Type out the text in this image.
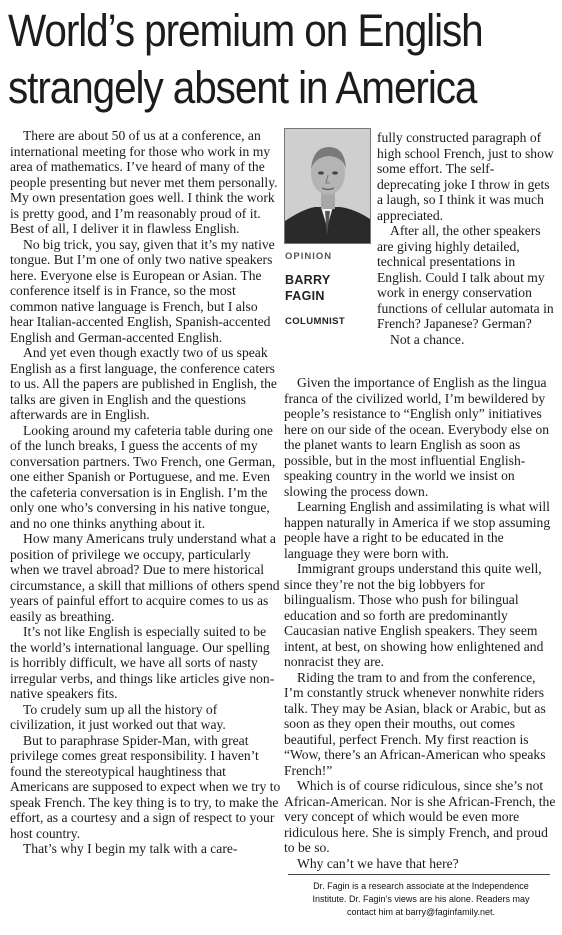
World’s premium on English
strangely absent in America

There are about 50 of us at a conference, an international meeting for those who work in my area of mathematics. I’ve heard of many of the people presenting but never met them personally. My own presentation goes well. I think the work is pretty good, and I’m reasonably proud of it. Best of all, I deliver it in flawless English.

No big trick, you say, given that it’s my native tongue. But I’m one of only two native speakers here. Everyone else is European or Asian. The conference itself is in France, so the most common native language is French, but I also hear Italian-accented English, Spanish-accented English and German-accented English.

And yet even though exactly two of us speak English as a first language, the conference caters to us. All the papers are published in English, the talks are given in English and the questions afterwards are in English.

Looking around my cafeteria table during one of the lunch breaks, I guess the accents of my conversation partners. Two French, one German, one either Spanish or Portuguese, and me. Even the cafeteria conversation is in English. I’m the only one who’s conversing in his native tongue, and no one thinks anything about it.

How many Americans truly understand what a position of privilege we occupy, particularly when we travel abroad? Due to mere historical circumstance, a skill that millions of others spend years of painful effort to acquire comes to us as easily as breathing.

It’s not like English is especially suited to be the world’s international language. Our spelling is horribly difficult, we have all sorts of nasty irregular verbs, and things like articles give non-native speakers fits.

To crudely sum up all the history of civilization, it just worked out that way.

But to paraphrase Spider-Man, with great privilege comes great responsibility. I haven’t found the stereotypical haughtiness that Americans are supposed to expect when we try to speak French. The key thing is to try, to make the effort, as a courtesy and a sign of respect to your host country.

That’s why I begin my talk with a care-

OPINION
BARRY
FAGIN
COLUMNIST

fully constructed paragraph of high school French, just to show some effort. The self-deprecating joke I throw in gets a laugh, so I think it was much appreciated.

After all, the other speakers are giving highly detailed, technical presentations in English. Could I talk about my work in energy conservation functions of cellular automata in French? Japanese? German?

Not a chance.

Given the importance of English as the lingua franca of the civilized world, I’m bewildered by people’s resistance to “English only” initiatives here on our side of the ocean. Everybody else on the planet wants to learn English as soon as possible, but in the most influential English-speaking country in the world we insist on slowing the process down.

Learning English and assimilating is what will happen naturally in America if we stop assuming people have a right to be educated in the language they were born with.

Immigrant groups understand this quite well, since they’re not the big lobbyers for bilingualism. Those who push for bilingual education and so forth are predominantly Caucasian native English speakers. They seem intent, at best, on showing how enlightened and nonracist they are.

Riding the tram to and from the conference, I’m constantly struck whenever nonwhite riders talk. They may be Asian, black or Arabic, but as soon as they open their mouths, out comes beautiful, perfect French. My first reaction is “Wow, there’s an African-American who speaks French!”

Which is of course ridiculous, since she’s not African-American. Nor is she African-French, the very concept of which would be even more ridiculous here. She is simply French, and proud to be so.

Why can’t we have that here?

Dr. Fagin is a research associate at the Independence
Institute. Dr. Fagin’s views are his alone. Readers may
contact him at barry@faginfamily.net.
